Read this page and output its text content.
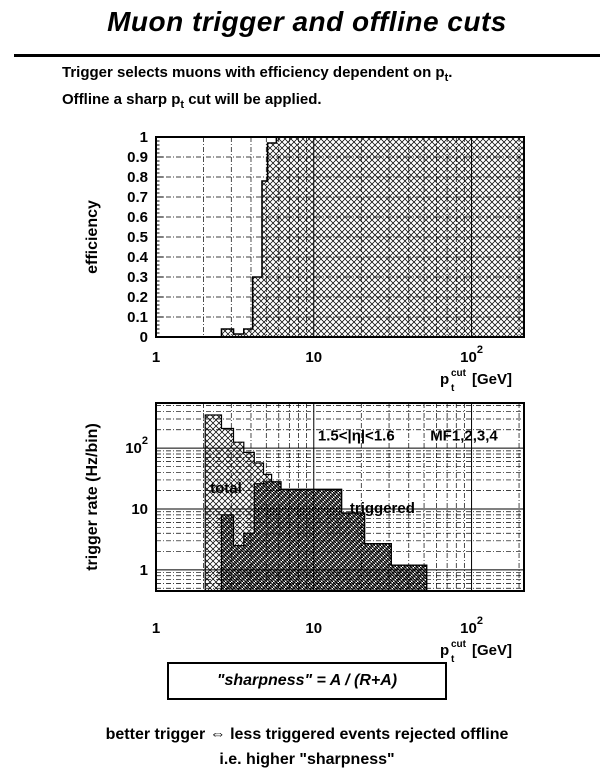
Muon trigger and offline cuts

Trigger selects muons with efficiency dependent on $p_t$.
Offline a sharp $p_t$ cut will be applied.

1	10	$10^2$
0
0.1
0.2
0.3
0.4
0.5
0.6
0.7
0.8
0.9
1
efficiency
p cut
t
[GeV]
1	10	$10^2$
1
10
$10^2$
trigger rate (Hz/bin)
p cut
t
[GeV]
1.5<|η|<1.6 MF1,2,3,4
total
triggered
"sharpness" = A / (R+A)
better trigger ⇔ less triggered events rejected offline
i.e. higher "sharpness"
